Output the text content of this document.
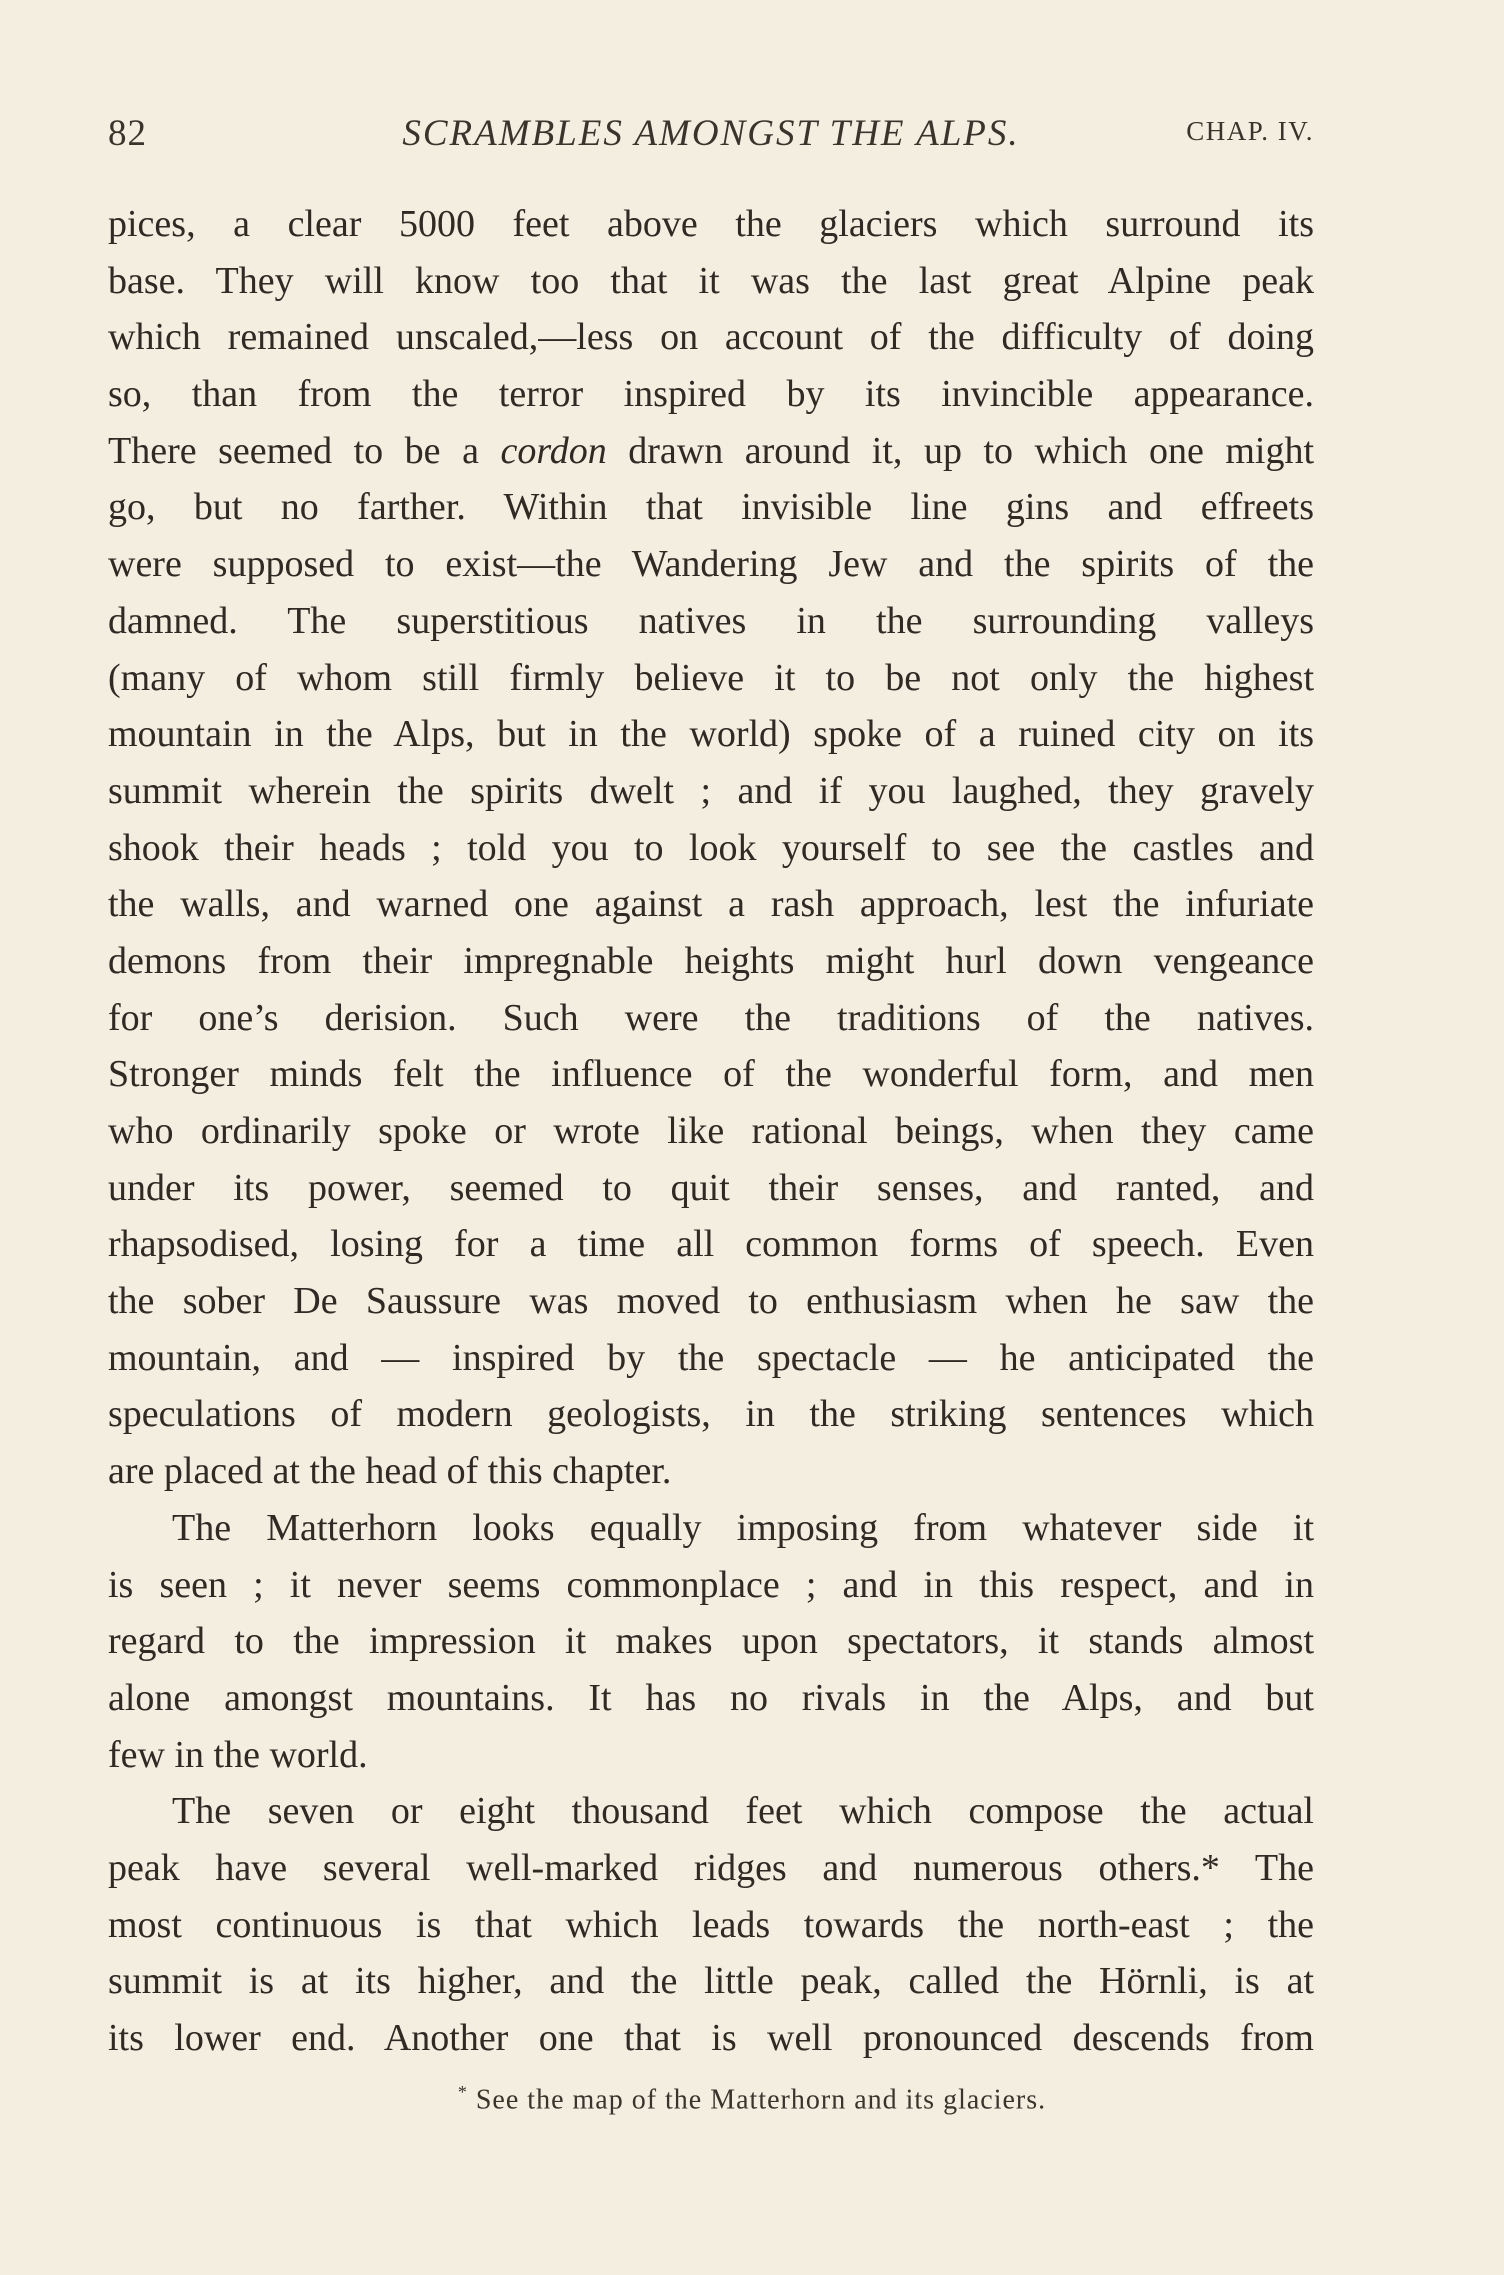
82	SCRAMBLES AMONGST THE ALPS.	CHAP. IV.
pices, a clear 5000 feet above the glaciers which surround its
base. They will know too that it was the last great Alpine peak
which remained unscaled,—less on account of the difficulty of doing
so, than from the terror inspired by its invincible appearance.
There seemed to be a cordon drawn around it, up to which one might
go, but no farther. Within that invisible line gins and effreets
were supposed to exist—the Wandering Jew and the spirits of the
damned. The superstitious natives in the surrounding valleys
(many of whom still firmly believe it to be not only the highest
mountain in the Alps, but in the world) spoke of a ruined city on its
summit wherein the spirits dwelt ; and if you laughed, they gravely
shook their heads ; told you to look yourself to see the castles and
the walls, and warned one against a rash approach, lest the infuriate
demons from their impregnable heights might hurl down vengeance
for one’s derision. Such were the traditions of the natives.
Stronger minds felt the influence of the wonderful form, and men
who ordinarily spoke or wrote like rational beings, when they came
under its power, seemed to quit their senses, and ranted, and
rhapsodised, losing for a time all common forms of speech. Even
the sober De Saussure was moved to enthusiasm when he saw the
mountain, and — inspired by the spectacle — he anticipated the
speculations of modern geologists, in the striking sentences which
are placed at the head of this chapter.
The Matterhorn looks equally imposing from whatever side it
is seen ; it never seems commonplace ; and in this respect, and in
regard to the impression it makes upon spectators, it stands almost
alone amongst mountains. It has no rivals in the Alps, and but
few in the world.
The seven or eight thousand feet which compose the actual
peak have several well-marked ridges and numerous others.* The
most continuous is that which leads towards the north-east ; the
summit is at its higher, and the little peak, called the Hörnli, is at
its lower end. Another one that is well pronounced descends from
* See the map of the Matterhorn and its glaciers.
